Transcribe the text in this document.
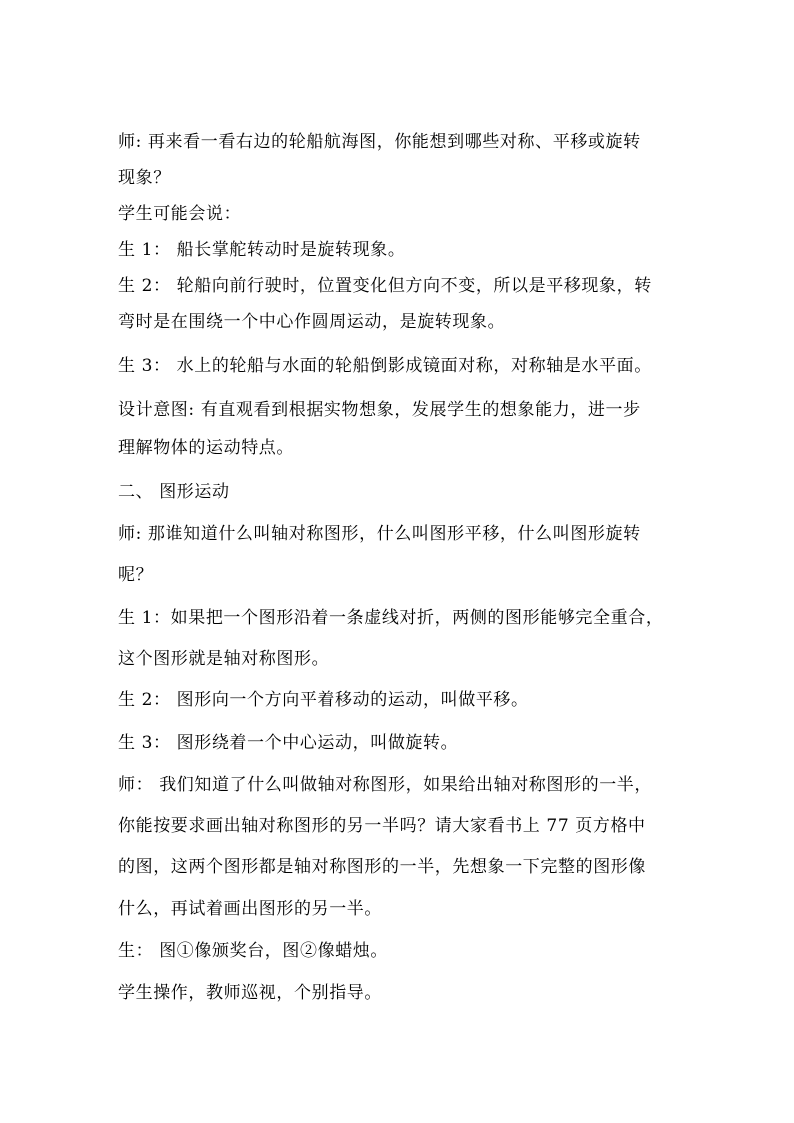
师: 再来看一看右边的轮船航海图，你能想到哪些对称、平移或旋转
现象？
学生可能会说：
生 1： 船长掌舵转动时是旋转现象。
生 2： 轮船向前行驶时，位置变化但方向不变，所以是平移现象，转
弯时是在围绕一个中心作圆周运动，是旋转现象。
生 3： 水上的轮船与水面的轮船倒影成镜面对称，对称轴是水平面。
设计意图: 有直观看到根据实物想象，发展学生的想象能力，进一步
理解物体的运动特点。
二、 图形运动
师: 那谁知道什么叫轴对称图形，什么叫图形平移，什么叫图形旋转
呢？
生 1：如果把一个图形沿着一条虚线对折，两侧的图形能够完全重合，
这个图形就是轴对称图形。
生 2： 图形向一个方向平着移动的运动，叫做平移。
生 3： 图形绕着一个中心运动，叫做旋转。
师： 我们知道了什么叫做轴对称图形，如果给出轴对称图形的一半，
你能按要求画出轴对称图形的另一半吗？请大家看书上 77 页方格中
的图，这两个图形都是轴对称图形的一半，先想象一下完整的图形像
什么，再试着画出图形的另一半。
生： 图①像颁奖台，图②像蜡烛。
学生操作，教师巡视，个别指导。
